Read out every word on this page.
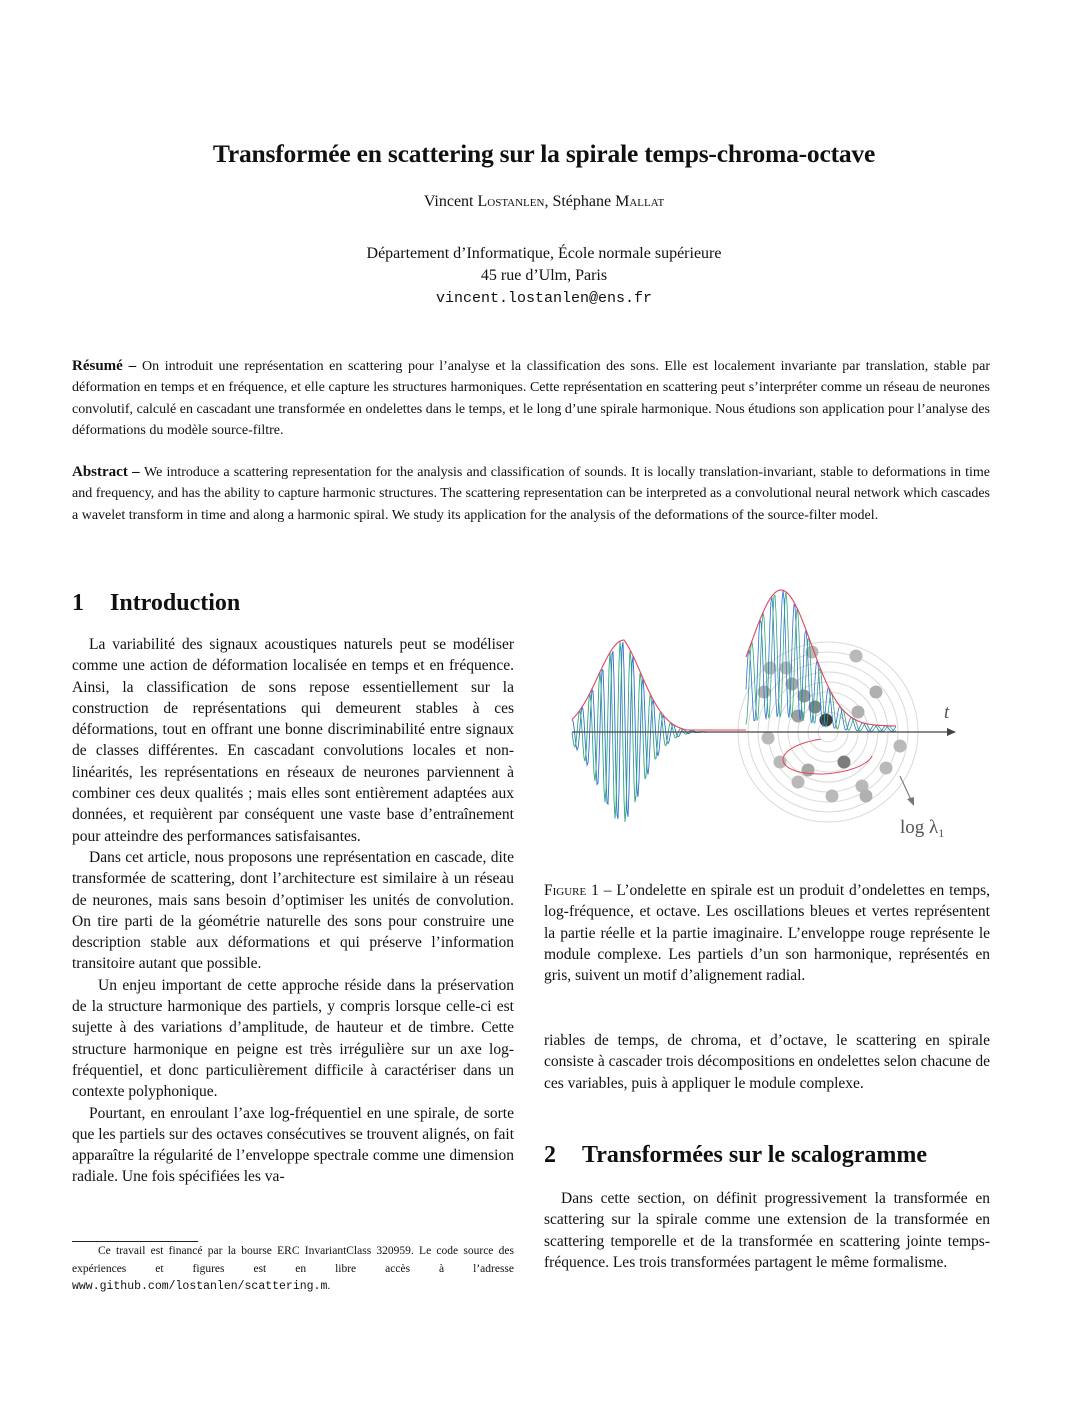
Transformée en scattering sur la spirale temps-chroma-octave
Vincent Lostanlen, Stéphane Mallat
Département d’Informatique, École normale supérieure
45 rue d’Ulm, Paris
vincent.lostanlen@ens.fr

Résumé – On introduit une représentation en scattering pour l’analyse et la classification des sons. Elle est localement invariante par translation, stable par déformation en temps et en fréquence, et elle capture les structures harmoniques. Cette représentation en scattering peut s’interpréter comme un réseau de neurones convolutif, calculé en cascadant une transformée en ondelettes dans le temps, et le long d’une spirale harmonique. Nous étudions son application pour l’analyse des déformations du modèle source-filtre.

Abstract – We introduce a scattering representation for the analysis and classification of sounds. It is locally translation-invariant, stable to deformations in time and frequency, and has the ability to capture harmonic structures. The scattering representation can be interpreted as a convolutional neural network which cascades a wavelet transform in time and along a harmonic spiral. We study its application for the analysis of the deformations of the source-filter model.

1 Introduction

La variabilité des signaux acoustiques naturels peut se modéliser comme une action de déformation localisée en temps et en fréquence. Ainsi, la classification de sons repose essentiellement sur la construction de représentations qui demeurent stables à ces déformations, tout en offrant une bonne discriminabilité entre signaux de classes différentes. En cascadant convolutions locales et non-linéarités, les représentations en réseaux de neurones parviennent à combiner ces deux qualités ; mais elles sont entièrement adaptées aux données, et requièrent par conséquent une vaste base d’entraînement pour atteindre des performances satisfaisantes.

Dans cet article, nous proposons une représentation en cascade, dite transformée de scattering, dont l’architecture est similaire à un réseau de neurones, mais sans besoin d’optimiser les unités de convolution. On tire parti de la géométrie naturelle des sons pour construire une description stable aux déformations et qui préserve l’information transitoire autant que possible.

Un enjeu important de cette approche réside dans la préservation de la structure harmonique des partiels, y compris lorsque celle-ci est sujette à des variations d’amplitude, de hauteur et de timbre. Cette structure harmonique en peigne est très irrégulière sur un axe log-fréquentiel, et donc particulièrement difficile à caractériser dans un contexte polyphonique.

Pourtant, en enroulant l’axe log-fréquentiel en une spirale, de sorte que les partiels sur des octaves consécutives se trouvent alignés, on fait apparaître la régularité de l’enveloppe spectrale comme une dimension radiale. Une fois spécifiées les va-

Ce travail est financé par la bourse ERC InvariantClass 320959. Le code source des expériences et figures est en libre accès à l’adresse www.github.com/lostanlen/scattering.m.
t
$\log \lambda_1$
Figure 1 – L’ondelette en spirale est un produit d’ondelettes en temps, log-fréquence, et octave. Les oscillations bleues et vertes représentent la partie réelle et la partie imaginaire. L’enveloppe rouge représente le module complexe. Les partiels d’un son harmonique, représentés en gris, suivent un motif d’alignement radial.

riables de temps, de chroma, et d’octave, le scattering en spirale consiste à cascader trois décompositions en ondelettes selon chacune de ces variables, puis à appliquer le module complexe.

2 Transformées sur le scalogramme

Dans cette section, on définit progressivement la transformée en scattering sur la spirale comme une extension de la transformée en scattering temporelle et de la transformée en scattering jointe temps-fréquence. Les trois transformées partagent le même formalisme.
